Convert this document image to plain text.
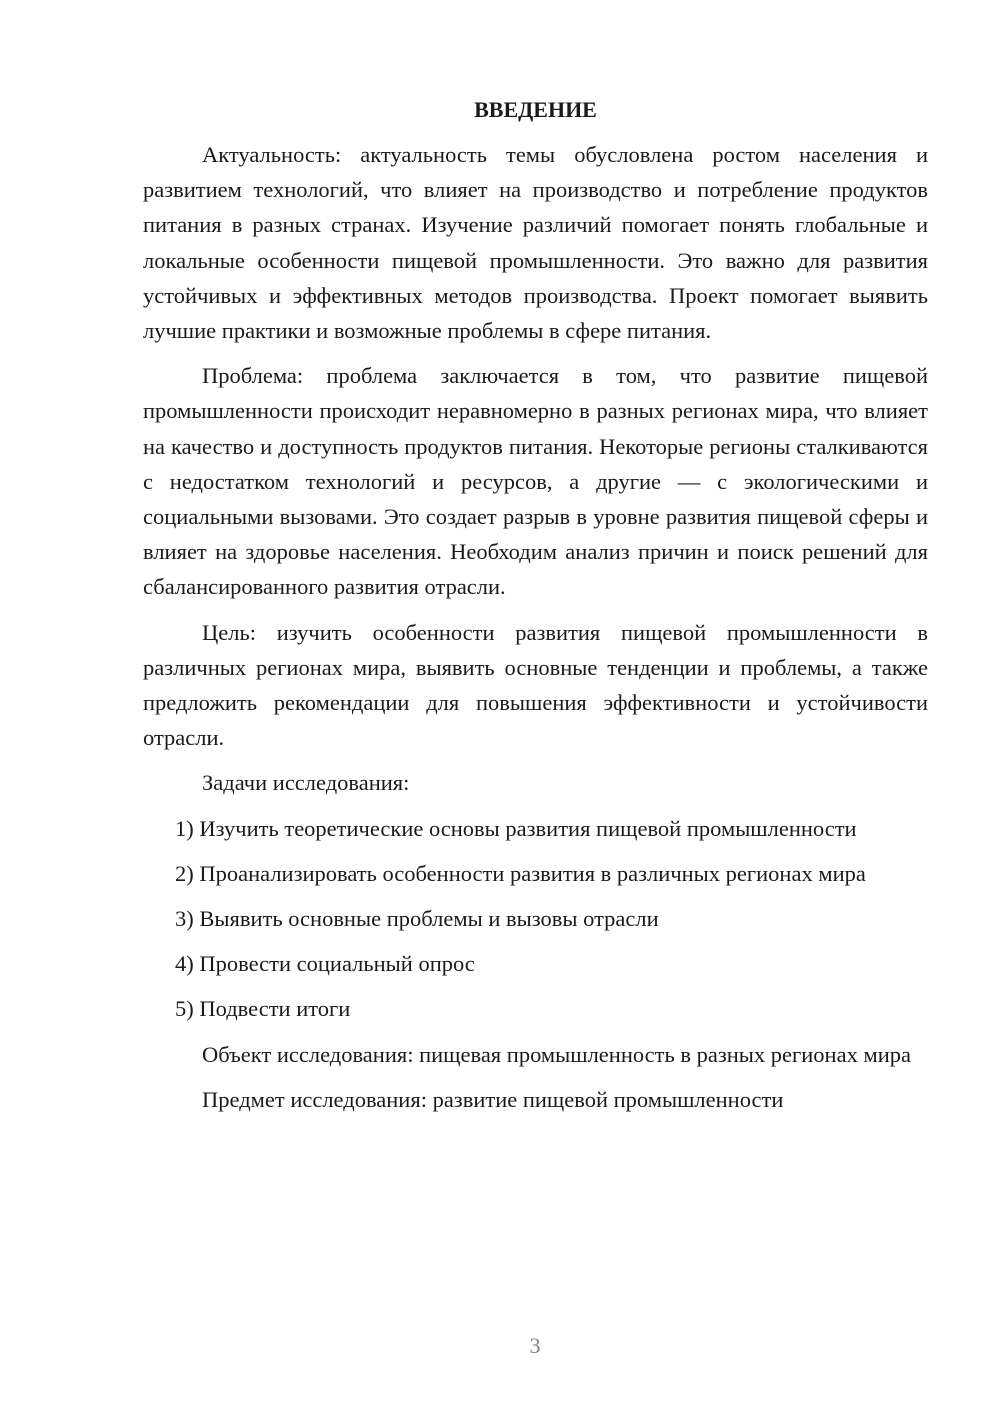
ВВЕДЕНИЕ

Актуальность: актуальность темы обусловлена ростом населения и развитием технологий, что влияет на производство и потребление продуктов питания в разных странах. Изучение различий помогает понять глобальные и локальные особенности пищевой промышленности. Это важно для развития устойчивых и эффективных методов производства. Проект помогает выявить лучшие практики и возможные проблемы в сфере питания.

Проблема: проблема заключается в том, что развитие пищевой промышленности происходит неравномерно в разных регионах мира, что влияет на качество и доступность продуктов питания. Некоторые регионы сталкиваются с недостатком технологий и ресурсов, а другие — с экологическими и социальными вызовами. Это создает разрыв в уровне развития пищевой сферы и влияет на здоровье населения. Необходим анализ причин и поиск решений для сбалансированного развития отрасли.

Цель: изучить особенности развития пищевой промышленности в различных регионах мира, выявить основные тенденции и проблемы, а также предложить рекомендации для повышения эффективности и устойчивости отрасли.

Задачи исследования:

1) Изучить теоретические основы развития пищевой промышленности

2) Проанализировать особенности развития в различных регионах мира

3) Выявить основные проблемы и вызовы отрасли

4) Провести социальный опрос

5) Подвести итоги

Объект исследования: пищевая промышленность в разных регионах мира

Предмет исследования: развитие пищевой промышленности

3
